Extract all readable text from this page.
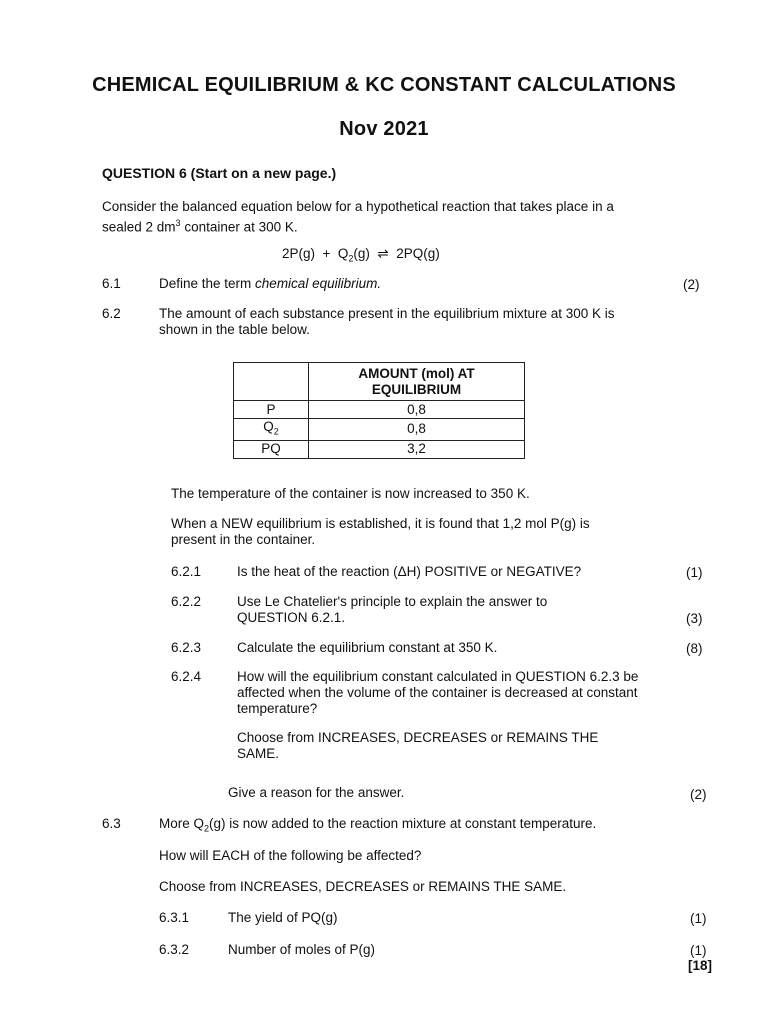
CHEMICAL EQUILIBRIUM & KC CONSTANT CALCULATIONS
Nov 2021
QUESTION 6 (Start on a new page.)
Consider the balanced equation below for a hypothetical reaction that takes place in a
sealed 2 $dm^3$ container at 300 K.
$2P(g) + Q_2(g)$  ⇌  2PQ(g)
6.1	Define the term chemical equilibrium.	(2)
6.2	The amount of each substance present in the equilibrium mixture at 300 K is
shown in the table below.

	AMOUNT (mol) AT
EQUILIBRIUM

P	0,8
$Q_2$	0,8
PQ	3,2
The temperature of the container is now increased to 350 K.
When a NEW equilibrium is established, it is found that 1,2 mol P(g) is
present in the container.
6.2.1	Is the heat of the reaction (ΔH) POSITIVE or NEGATIVE?	(1)
6.2.2	Use Le Chatelier's principle to explain the answer to
QUESTION 6.2.1.	(3)
6.2.3	Calculate the equilibrium constant at 350 K.	(8)
6.2.4	How will the equilibrium constant calculated in QUESTION 6.2.3 be
affected when the volume of the container is decreased at constant
temperature?
Choose from INCREASES, DECREASES or REMAINS THE
SAME.
Give a reason for the answer.	(2)
6.3	More $Q_2(g)$ is now added to the reaction mixture at constant temperature.
How will EACH of the following be affected?
Choose from INCREASES, DECREASES or REMAINS THE SAME.
6.3.1	The yield of PQ(g)	(1)
6.3.2	Number of moles of P(g)	(1)
[18]
